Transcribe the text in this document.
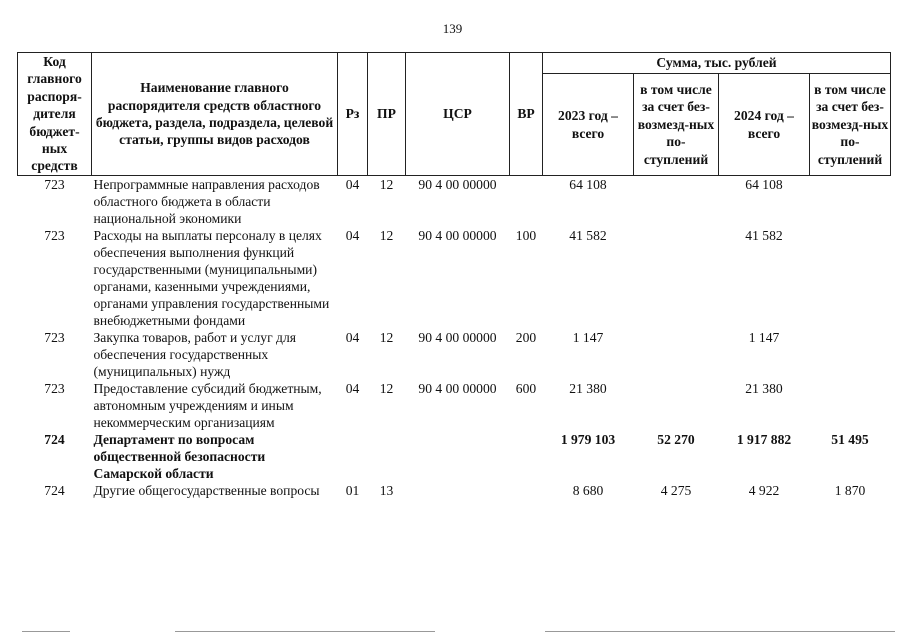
139
Код главного распоря-дителя бюджет-ных средств	Наименование главного распорядителя средств областного бюджета, раздела, подраздела, целевой статьи, группы видов расходов	Рз	ПР	ЦСР	ВР	Сумма, тыс. рублей			
						2023 год – всего	в том числе за счет без-возмезд-ных по-ступлений	2024 год – всего	в том числе за счет без-возмезд-ных по-ступлений
723	Непрограммные направления расходов областного бюджета в области национальной экономики	04	12	90 4 00 00000		64 108		64 108	
723	Расходы на выплаты персоналу в целях обеспечения выполнения функций государственными (муниципальными) органами, казенными учреждениями, органами управления государственными внебюджетными фондами	04	12	90 4 00 00000	100	41 582		41 582	
723	Закупка товаров, работ и услуг для обеспечения государственных (муниципальных) нужд	04	12	90 4 00 00000	200	1 147		1 147	
723	Предоставление субсидий бюджетным, автономным учреждениям и иным некоммерческим организациям	04	12	90 4 00 00000	600	21 380		21 380	
724	Департамент по вопросам общественной безопасности Самарской области					1 979 103	52 270	1 917 882	51 495
724	Другие общегосударственные вопросы	01	13			8 680	4 275	4 922	1 870
